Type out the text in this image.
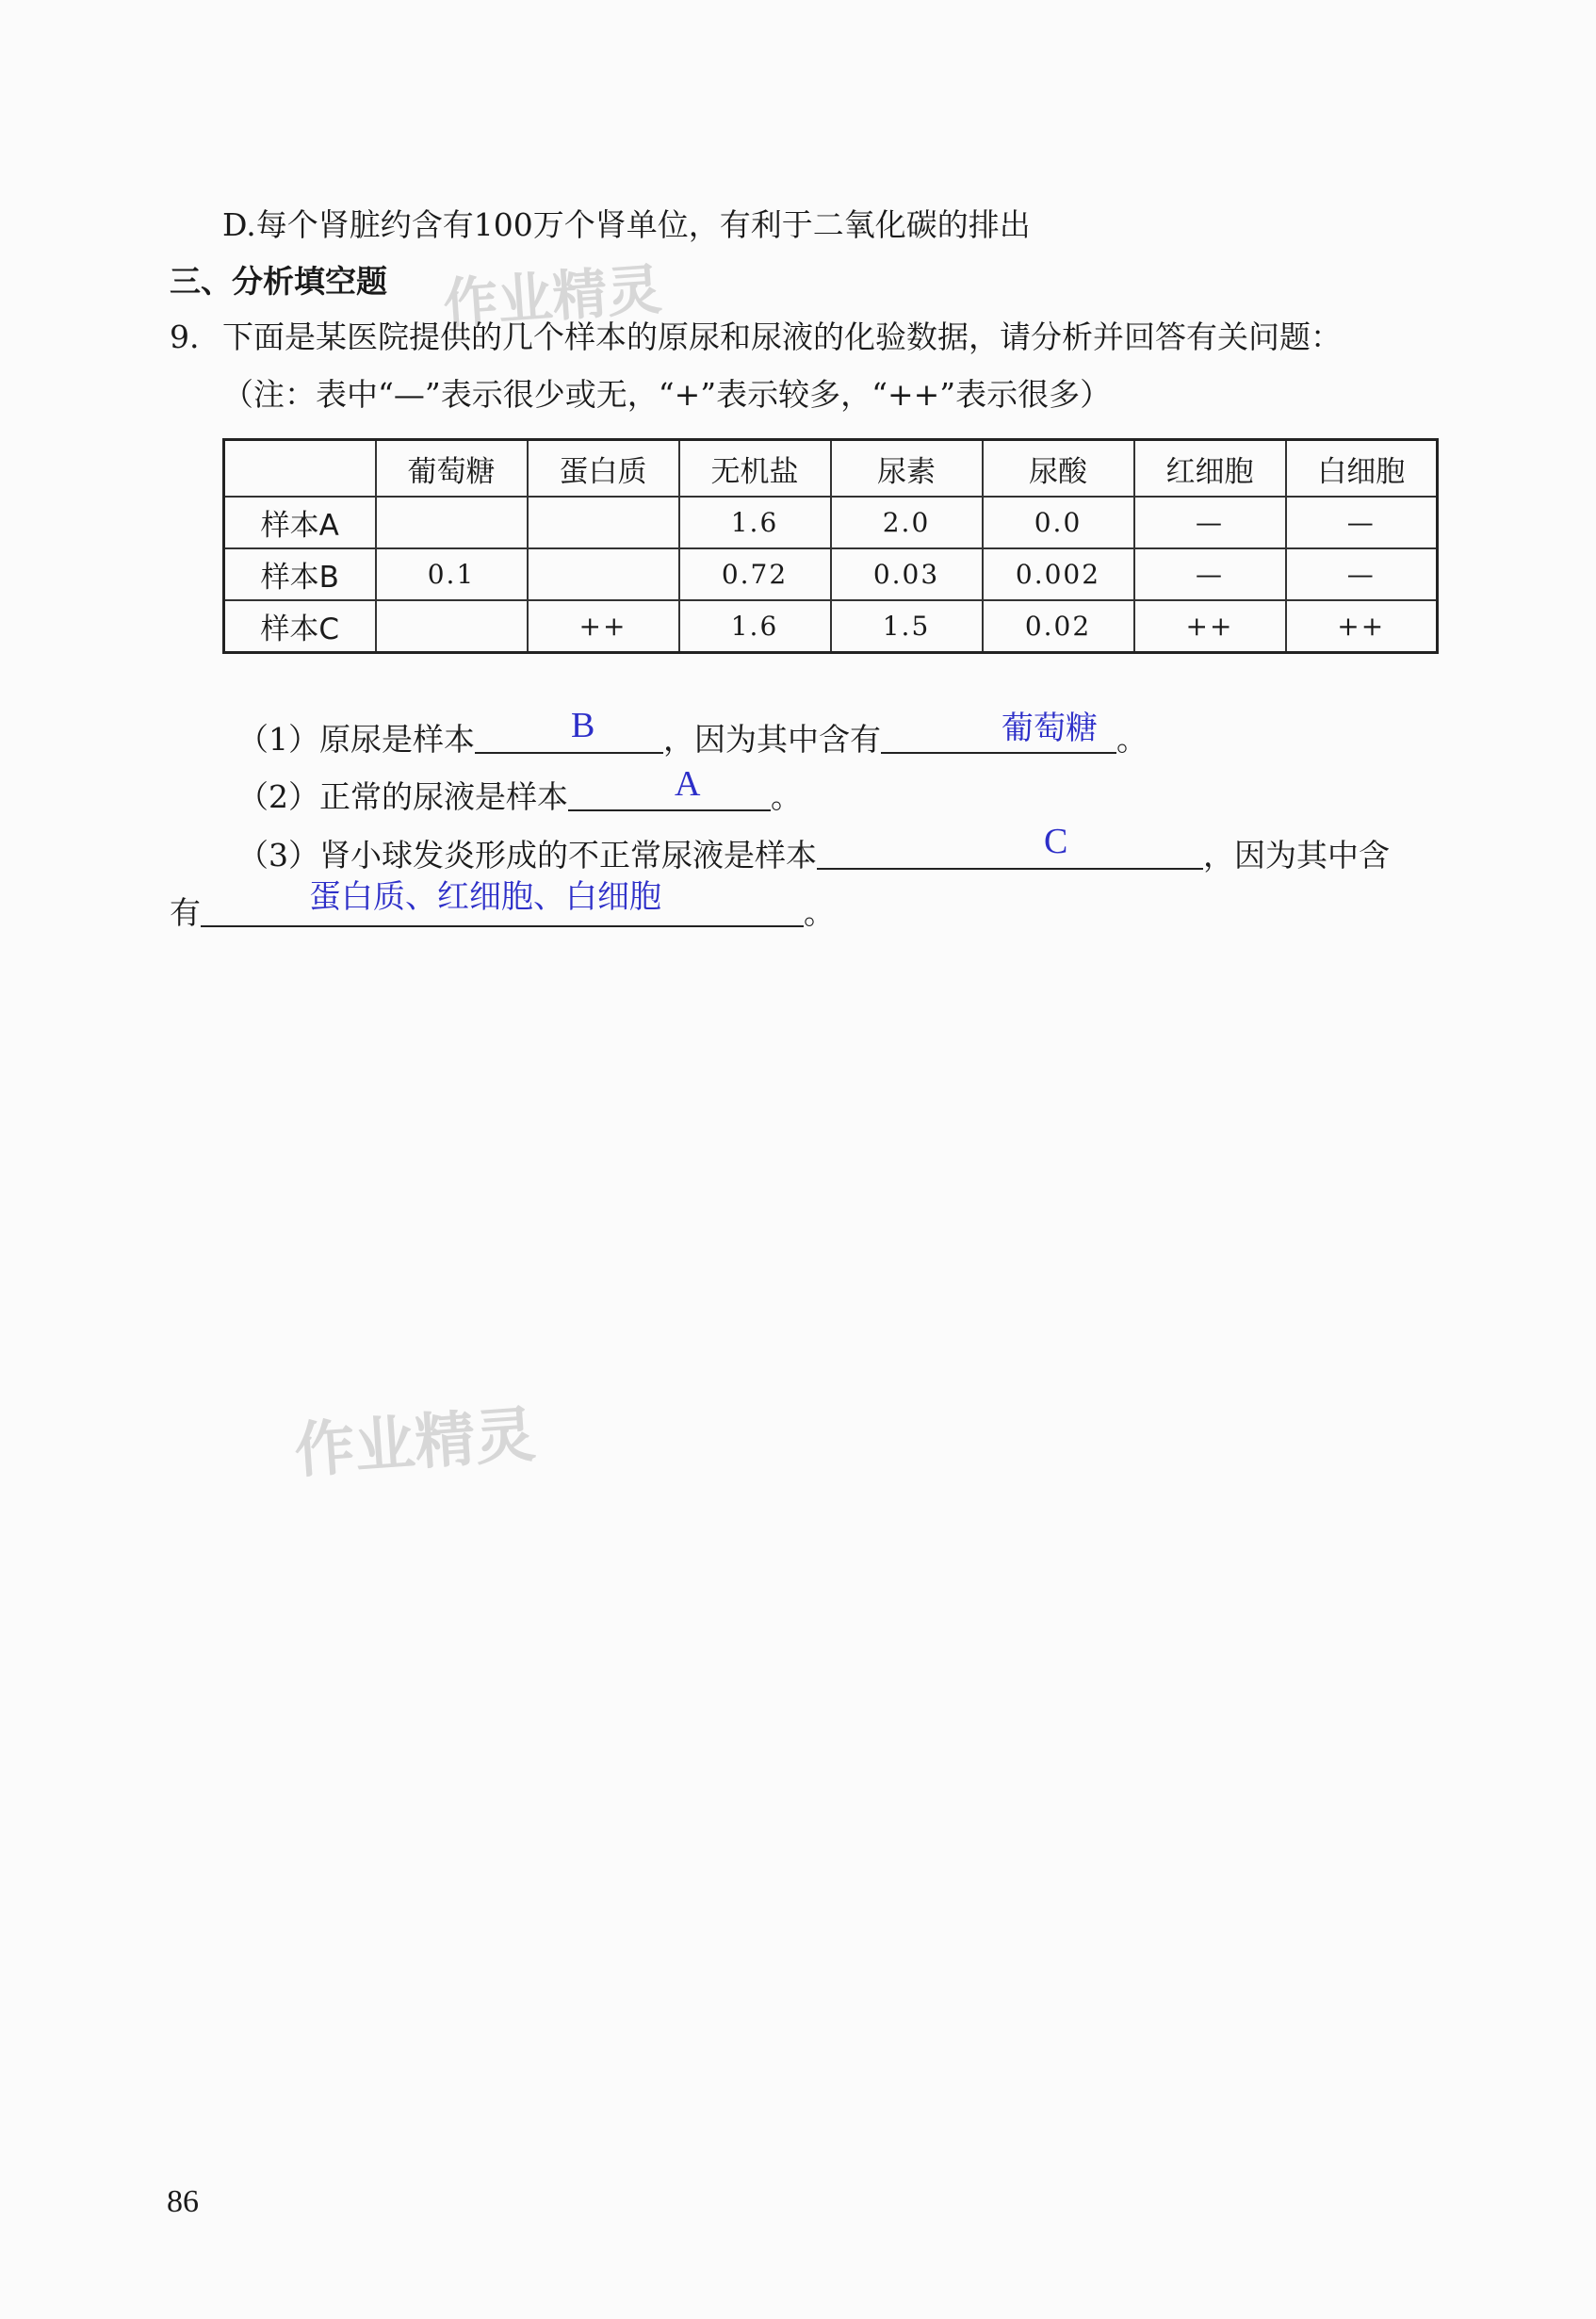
D.每个肾脏约含有100万个肾单位，有利于二氧化碳的排出
三、分析填空题 作业精灵
9. 下面是某医院提供的几个样本的原尿和尿液的化验数据，请分析并回答有关问题：
（注：表中“—”表示很少或无，“+”表示较多，“++”表示很多）
	葡萄糖	蛋白质	无机盐	尿素	尿酸	红细胞	白细胞
样本A			1.6	2.0	0.0	—	—
样本B	0.1		0.72	0.03	0.002	—	—
样本C		++	1.6	1.5	0.02	++	++
（1）原尿是样本	，因为其中含有	。
B	葡萄糖
（2）正常的尿液是样本	。
A
（3）肾小球发炎形成的不正常尿液是样本	，因为其中含
C
有	。
蛋白质、红细胞、白细胞
作业精灵
86
